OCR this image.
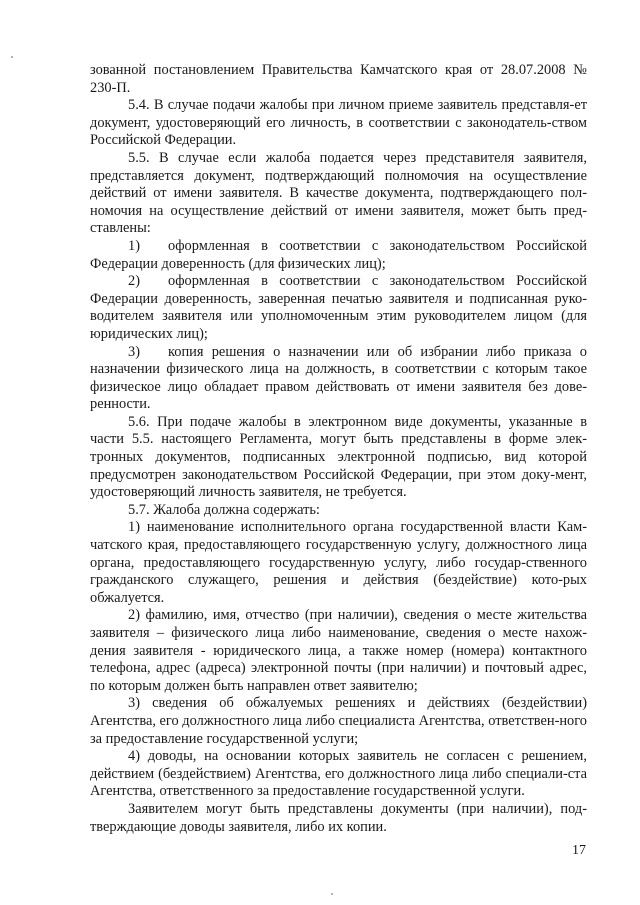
зованной постановлением Правительства Камчатского края от 28.07.2008 № 230-П.

5.4. В случае подачи жалобы при личном приеме заявитель представля-ет документ, удостоверяющий его личность, в соответствии с законодатель-ством Российской Федерации.

5.5. В случае если жалоба подается через представителя заявителя, представляется документ, подтверждающий полномочия на осуществление действий от имени заявителя. В качестве документа, подтверждающего пол-номочия на осуществление действий от имени заявителя, может быть пред-ставлены:

1) оформленная в соответствии с законодательством Российской Федерации доверенность (для физических лиц);

2) оформленная в соответствии с законодательством Российской Федерации доверенность, заверенная печатью заявителя и подписанная руко-водителем заявителя или уполномоченным этим руководителем лицом (для юридических лиц);

3) копия решения о назначении или об избрании либо приказа о назначении физического лица на должность, в соответствии с которым такое физическое лицо обладает правом действовать от имени заявителя без дове-ренности.

5.6. При подаче жалобы в электронном виде документы, указанные в части 5.5. настоящего Регламента, могут быть представлены в форме элек-тронных документов, подписанных электронной подписью, вид которой предусмотрен законодательством Российской Федерации, при этом доку-мент, удостоверяющий личность заявителя, не требуется.

5.7. Жалоба должна содержать:

1) наименование исполнительного органа государственной власти Кам-чатского края, предоставляющего государственную услугу, должностного лица органа, предоставляющего государственную услугу, либо государ-ственного гражданского служащего, решения и действия (бездействие) кото-рых обжалуется.

2) фамилию, имя, отчество (при наличии), сведения о месте жительства заявителя – физического лица либо наименование, сведения о месте нахож-дения заявителя - юридического лица, а также номер (номера) контактного телефона, адрес (адреса) электронной почты (при наличии) и почтовый адрес, по которым должен быть направлен ответ заявителю;

3) сведения об обжалуемых решениях и действиях (бездействии) Агентства, его должностного лица либо специалиста Агентства, ответствен-ного за предоставление государственной услуги;

4) доводы, на основании которых заявитель не согласен с решением, действием (бездействием) Агентства, его должностного лица либо специали-ста Агентства, ответственного за предоставление государственной услуги.

Заявителем могут быть представлены документы (при наличии), под-тверждающие доводы заявителя, либо их копии.

17
